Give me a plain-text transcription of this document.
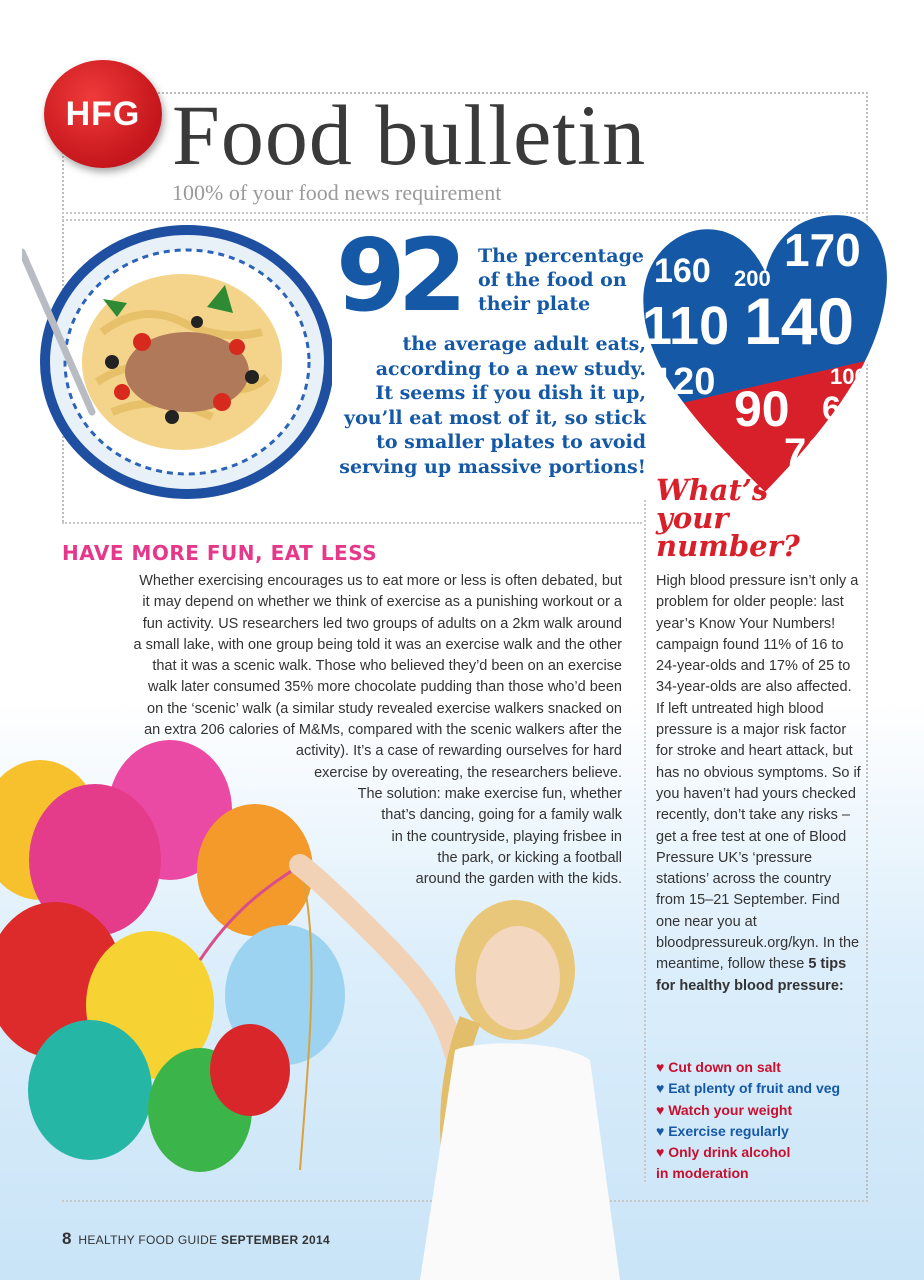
HFG Food bulletin
100% of your food news requirement
92 The percentage
of the food on
their plate
the average adult eats,
according to a new study.
It seems if you dish it up,
you’ll eat most of it, so stick
to smaller plates to avoid
serving up massive portions!
160 200
170
110 140
120	100
90 60
70
What’s
your
number?
High blood pressure isn’t only a problem for older people: last year’s Know Your Numbers! campaign found 11% of 16 to 24-year-olds and 17% of 25 to 34-year-olds are also affected. If left untreated high blood pressure is a major risk factor for stroke and heart attack, but has no obvious symptoms. So if you haven’t had yours checked recently, don’t take any risks – get a free test at one of Blood Pressure UK’s ‘pressure stations’ across the country from 15–21 September. Find one near you at bloodpressureuk.org/kyn. In the meantime, follow these 5 tips for healthy blood pressure:
♥ Cut down on salt
♥ Eat plenty of fruit and veg
♥ Watch your weight
♥ Exercise regularly
♥ Only drink alcohol
in moderation
HAVE MORE FUN, EAT LESS
Whether exercising encourages us to eat more or less is often debated, but
it may depend on whether we think of exercise as a punishing workout or a
fun activity. US researchers led two groups of adults on a 2km walk around
a small lake, with one group being told it was an exercise walk and the other
that it was a scenic walk. Those who believed they’d been on an exercise
walk later consumed 35% more chocolate pudding than those who’d been
on the ‘scenic’ walk (a similar study revealed exercise walkers snacked on
an extra 206 calories of M&Ms, compared with the scenic walkers after the
activity). It’s a case of rewarding ourselves for hard
exercise by overeating, the researchers believe.
The solution: make exercise fun, whether
that’s dancing, going for a family walk
in the countryside, playing frisbee in
the park, or kicking a football
around the garden with the kids.
8 HEALTHY FOOD GUIDE SEPTEMBER 2014
